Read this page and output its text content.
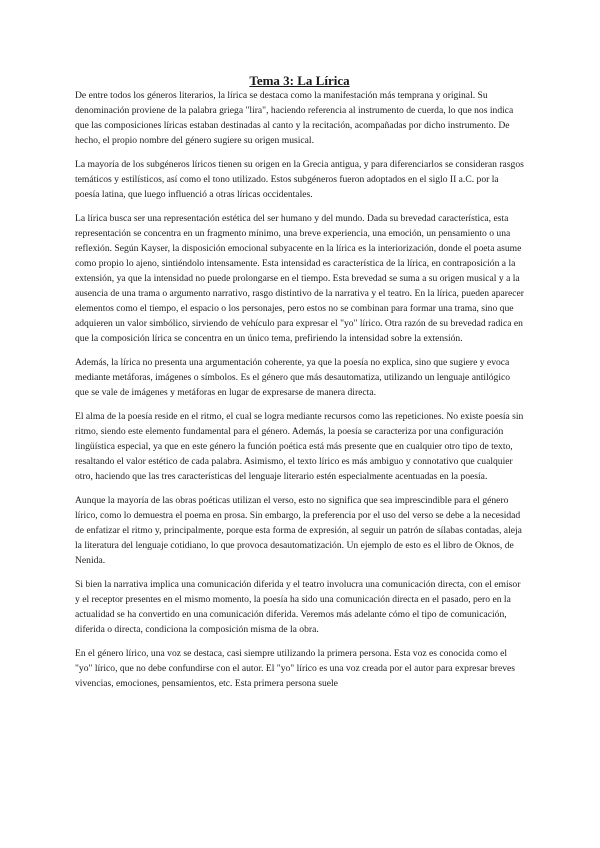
Tema 3: La Lírica

De entre todos los géneros literarios, la lírica se destaca como la manifestación más temprana y original. Su denominación proviene de la palabra griega "lira", haciendo referencia al instrumento de cuerda, lo que nos indica que las composiciones líricas estaban destinadas al canto y la recitación, acompañadas por dicho instrumento. De hecho, el propio nombre del género sugiere su origen musical.

La mayoría de los subgéneros líricos tienen su origen en la Grecia antigua, y para diferenciarlos se consideran rasgos temáticos y estilísticos, así como el tono utilizado. Estos subgéneros fueron adoptados en el siglo II a.C. por la poesía latina, que luego influenció a otras líricas occidentales.

La lírica busca ser una representación estética del ser humano y del mundo. Dada su brevedad característica, esta representación se concentra en un fragmento mínimo, una breve experiencia, una emoción, un pensamiento o una reflexión. Según Kayser, la disposición emocional subyacente en la lírica es la interiorización, donde el poeta asume como propio lo ajeno, sintiéndolo intensamente. Esta intensidad es característica de la lírica, en contraposición a la extensión, ya que la intensidad no puede prolongarse en el tiempo. Esta brevedad se suma a su origen musical y a la ausencia de una trama o argumento narrativo, rasgo distintivo de la narrativa y el teatro. En la lírica, pueden aparecer elementos como el tiempo, el espacio o los personajes, pero estos no se combinan para formar una trama, sino que adquieren un valor simbólico, sirviendo de vehículo para expresar el "yo" lírico. Otra razón de su brevedad radica en que la composición lírica se concentra en un único tema, prefiriendo la intensidad sobre la extensión.

Además, la lírica no presenta una argumentación coherente, ya que la poesía no explica, sino que sugiere y evoca mediante metáforas, imágenes o símbolos. Es el género que más desautomatiza, utilizando un lenguaje antilógico que se vale de imágenes y metáforas en lugar de expresarse de manera directa.

El alma de la poesía reside en el ritmo, el cual se logra mediante recursos como las repeticiones. No existe poesía sin ritmo, siendo este elemento fundamental para el género. Además, la poesía se caracteriza por una configuración lingüística especial, ya que en este género la función poética está más presente que en cualquier otro tipo de texto, resaltando el valor estético de cada palabra. Asimismo, el texto lírico es más ambiguo y connotativo que cualquier otro, haciendo que las tres características del lenguaje literario estén especialmente acentuadas en la poesía.

Aunque la mayoría de las obras poéticas utilizan el verso, esto no significa que sea imprescindible para el género lírico, como lo demuestra el poema en prosa. Sin embargo, la preferencia por el uso del verso se debe a la necesidad de enfatizar el ritmo y, principalmente, porque esta forma de expresión, al seguir un patrón de sílabas contadas, aleja la literatura del lenguaje cotidiano, lo que provoca desautomatización. Un ejemplo de esto es el libro de Oknos, de Nenida.

Si bien la narrativa implica una comunicación diferida y el teatro involucra una comunicación directa, con el emisor y el receptor presentes en el mismo momento, la poesía ha sido una comunicación directa en el pasado, pero en la actualidad se ha convertido en una comunicación diferida. Veremos más adelante cómo el tipo de comunicación, diferida o directa, condiciona la composición misma de la obra.

En el género lírico, una voz se destaca, casi siempre utilizando la primera persona. Esta voz es conocida como el "yo" lírico, que no debe confundirse con el autor. El "yo" lírico es una voz creada por el autor para expresar breves vivencias, emociones, pensamientos, etc. Esta primera persona suele
